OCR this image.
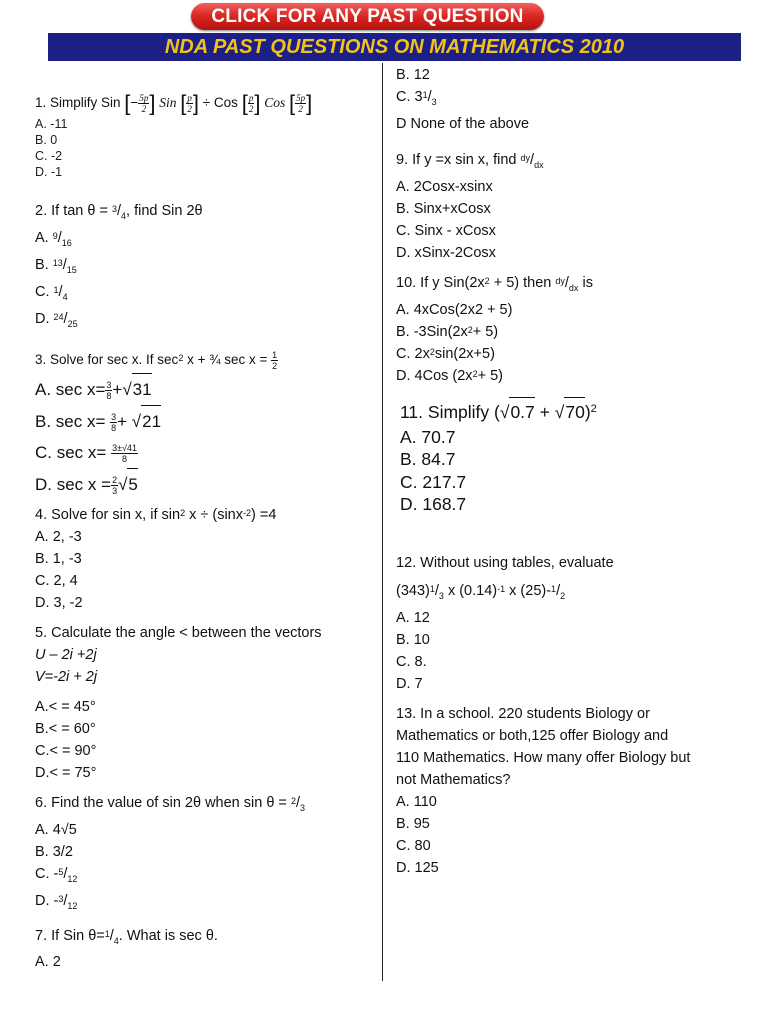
CLICK FOR ANY PAST QUESTION
NDA PAST QUESTIONS ON MATHEMATICS 2010
1. Simplify Sin [− $\frac{5p}{2}$ ] Sin [ $\frac{p}{2}$ ] ÷ Cos [ $\frac{p}{2}$ ] Cos [ $\frac{5p}{2}$ ]
A. -11
B. 0
C. -2
D. -1
2. If $\tan \theta = ^3/_4$, find Sin 2θ
A. $^9/_{16}$
B. $^{13}/_{15}$
C. $^1/_4$
D. $^{24}/_{25}$
3. Solve for sec x. If $\sec^2 x$ + ¾ $\sec x = \frac{1}{2}$
A. $\sec x= \frac{3}{8} +√31$
B. $\sec x= \frac{3}{8} + √21$
C. $\sec x= \frac{3\pm√41}{8}$
D. $\sec x = \frac{2}{3} √5$
4. Solve for sin x, if $\sin^2 x \div (\sin x^{-2}) =4$
A. 2, -3
B. 1, -3
C. 2, 4
D. 3, -2
5. Calculate the angle < between the vectors
U – 2i +2j
V=-2i + 2j
A.< = 45°
B.< = 60°
C.< = 90°
D.< = 75°
6. Find the value of sin 2θ when $\sin \theta = ^2/_3$
A. 4√5
B. 3/2
C. $-^5/_{12}$
D. $-^3/_{12}$
7. If Sin $\theta=^1/_4$. What is sec θ.
A. 2
B. 12
C. $3^1/_3$
D None of the above
9. If y =x sin x, find $^{dy}/_{dx}$
A. 2Cosx-xsinx
B. Sinx+xCosx
C. Sinx - xCosx
D. xSinx-2Cosx
10. If y $Sin(2x^2 + 5)$ then $^{dy}/_{dx}$ is
A. 4xCos(2x2 + 5)
B. $-3Sin(2x^2+ 5)$
C. $2x^2\sin(2x+5)$
D. 4Cos $(2x^2+ 5)$
11. Simplify $(√0.7 + √70)^2$
A. 70.7
B. 84.7
C. 217.7
D. 168.7
12. Without using tables, evaluate
$(343)^1/_3$ x $(0.14)^{-1}$ x $(25)-^1/_2$
A. 12
B. 10
C. 8.
D. 7
13. In a school. 220 students Biology or
Mathematics or both,125 offer Biology and
110 Mathematics. How many offer Biology but
not Mathematics?
A. 110
B. 95
C. 80
D. 125
